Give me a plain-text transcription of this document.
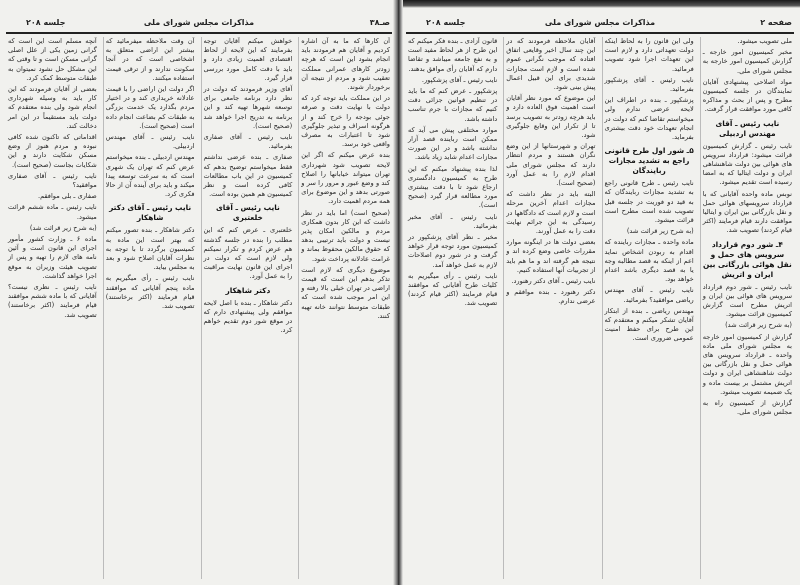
صـ۳۸
مذاکرات مجلس شورای ملی
جلسه ۲۰۸

آن کارها که ما به آن اشاره کردیم و آقایان هم فرمودند باید انجام بشود این است که هرچه زودتر کارهای عمرانی مملکت تعقیب شود و مردم از نتیجه آن برخوردار شوند.

در این مملکت باید توجه کرد که دولت با نهایت دقت و صرفه جوئی بودجه را خرج کند و از هرگونه اسراف و تبذیر جلوگیری شود تا اعتبارات به مصرف واقعی خود برسد.

بنده عرض میکنم که اگر این لایحه تصویب شود شهرداری تهران میتواند خیابانها را اصلاح کند و وضع عبور و مرور را سر و صورتی بدهد و این موضوع برای همه مردم اهمیت دارد.

(صحیح است) اما باید در نظر داشت که این کار بدون همکاری مردم و مالکین امکان پذیر نیست و دولت باید ترتیبی بدهد که حقوق مالکین محفوظ بماند و غرامت عادلانه پرداخت شود.

موضوع دیگری که لازم است تذکر بدهم این است که قیمت اراضی در تهران خیلی بالا رفته و این امر موجب شده است که طبقات متوسط نتوانند خانه تهیه کنند.

خواهش میکنم آقایان توجه بفرمایند که این لایحه از لحاظ اقتصادی اهمیت زیادی دارد و باید با دقت کامل مورد بررسی قرار گیرد.

آقای وزیر فرمودند که دولت در نظر دارد برنامه جامعی برای توسعه شهرها تهیه کند و این برنامه به تدریج اجرا خواهد شد (صحیح است).

نایب رئیس ـ آقای صفاری بفرمائید.

صفاری ـ بنده عرضی نداشتم فقط میخواستم توضیح بدهم که کمیسیون در این باب مطالعات کافی کرده است و نظر کمیسیون هم همین بوده است.

نایب رئیس ـ آقای خلعتبری

خلعتبری ـ عرض کنم که این مطلب را بنده در جلسه گذشته هم عرض کردم و تکرار نمیکنم ولی لازم است که دولت در اجرای این قانون نهایت مراقبت را به عمل آورد.

دکتر شاهکار

دکتر شاهکار ـ بنده با اصل لایحه موافقم ولی پیشنهادی دارم که در موقع شور دوم تقدیم خواهم کرد.

آن وقت ملاحظه میفرمائید که بیشتر این اراضی متعلق به اشخاصی است که در آنجا سکونت ندارند و از ترقی قیمت استفاده میکنند.

اگر دولت این اراضی را با قیمت عادلانه خریداری کند و در اختیار مردم بگذارد یک خدمت بزرگی به طبقات کم بضاعت انجام داده است (صحیح است).

نایب رئیس ـ آقای مهندس اردبیلی.

مهندس اردبیلی ـ بنده میخواستم عرض کنم که تهران یک شهری است که به سرعت توسعه پیدا میکند و باید برای آینده آن از حالا فکری کرد.

نایب رئیس ـ آقای دکتر شاهکار

دکتر شاهکار ـ بنده تصور میکنم که بهتر است این ماده به کمیسیون برگردد تا با توجه به نظرات آقایان اصلاح شود و بعد به مجلس بیاید.

نایب رئیس ـ رأی میگیریم به ماده پنجم آقایانی که موافقند قیام فرمایند (اکثر برخاستند) تصویب شد.

آنچه مسلم است این است که گرانی زمین یکی از علل اصلی گرانی مسکن است و تا وقتی که این مشکل حل نشود نمیتوان به طبقات متوسط کمک کرد.

بعضی از آقایان فرمودند که این کار باید به وسیله شهرداری انجام شود ولی بنده معتقدم که دولت باید مستقیماً در این امر دخالت کند.

اقداماتی که تاکنون شده کافی نبوده و مردم هنوز از وضع مسکن شکایت دارند و این شکایات بجاست (صحیح است).

نایب رئیس ـ آقای صفاری موافقید؟

صفاری ـ بلی موافقم.

نایب رئیس ـ ماده ششم قرائت میشود.

(به شرح زیر قرائت شد)

ماده ۶ ـ وزارت کشور مأمور اجرای این قانون است و آئین نامه های لازم را تهیه و پس از تصویب هیئت وزیران به موقع اجرا خواهد گذاشت.

نایب رئیس ـ نظری نیست؟ آقایانی که با ماده ششم موافقند قیام فرمایند (اکثر برخاستند) تصویب شد.

صفحه ۲
مذاکرات مجلس شورای ملی
جلسه ۲۰۸

ملی تصویب میشود.

مخبر کمیسیون امور خارجه ـ گزارش کمیسیون امور خارجه به مجلس شورای ملی.

مواد اصلاحی پیشنهادی آقایان نمایندگان در جلسه کمیسیون مطرح و پس از بحث و مذاکره کافی مورد موافقت قرار گرفت.

نایب رئیس ـ آقای مهندس اردبیلی

نایب رئیس ـ گزارش کمیسیون قرائت میشود: قرارداد سرویس های هوائی بین دولت شاهنشاهی ایران و دولت ایتالیا که به امضا رسیده است تقدیم میشود.

نوبس ماده واحده آقایانی که با قرارداد سرویسهای هوائی حمل و نقل بازرگانی بین ایران و ایتالیا موافقت دارند قیام فرمایند (اکثر قیام کردند) تصویب شد.

۴ـ شور دوم قرارداد سرویس های حمل و نقل هوائی بازرگانی بین ایران و اتریش

نایب رئیس ـ شور دوم قرارداد سرویس های هوائی بین ایران و اتریش مطرح است گزارش کمیسیون قرائت میشود.

(به شرح زیر قرائت شد)

گزارش از کمیسیون امور خارجه به مجلس شورای ملی ماده واحده ـ قرارداد سرویس های هوائی حمل و نقل بازرگانی بین دولت شاهنشاهی ایران و دولت اتریش مشتمل بر بیست ماده و یک ضمیمه تصویب میشود.

گزارش از کمیسیون راه به مجلس شورای ملی.

ولی این قانون را به لحاظ اینکه دولت تعهداتی دارد و لازم است این تعهدات اجرا شود تصویب فرمائید.

نایب رئیس ـ آقای پزشکپور بفرمائید.

پزشکپور ـ بنده در اطراف این لایحه عرضی ندارم ولی میخواستم تقاضا کنم که دولت در انجام تعهدات خود دقت بیشتری بفرماید.

۵ـ شور اول طرح قانونی راجع به تشدید مجازات ربایندگان

نایب رئیس ـ طرح قانونی راجع به تشدید مجازات ربایندگان که به قید دو فوریت در جلسه قبل تصویب شده است مطرح است قرائت میشود.

(به شرح زیر قرائت شد)

ماده واحده ـ مجازات رباینده که اقدام به ربودن اشخاص نماید اعم از اینکه به قصد مطالبه وجه یا به قصد دیگری باشد اعدام خواهد بود.

نایب رئیس ـ آقای مهندس ریاضی موافقید؟ بفرمائید.

مهندس ریاضی ـ بنده از ابتکار آقایان تشکر میکنم و معتقدم که این طرح برای حفظ امنیت عمومی ضروری است.

آقایان ملاحظه فرمودند که در این چند سال اخیر وقایعی اتفاق افتاده که موجب نگرانی عموم شده است و لازم است مجازات شدیدی برای این قبیل اعمال پیش بینی شود.

این موضوع که مورد نظر آقایان است اهمیت فوق العاده دارد و باید هرچه زودتر به تصویب برسد تا از تکرار این وقایع جلوگیری شود.

تهران و شهرستانها از این وضع نگران هستند و مردم انتظار دارند که مجلس شورای ملی اقدام لازم را به عمل آورد (صحیح است).

البته باید در نظر داشت که مجازات اعدام آخرین مرحله است و لازم است که دادگاهها در رسیدگی به این جرائم نهایت دقت را به عمل آورند.

بعضی دولت ها در اینگونه موارد مقررات خاصی وضع کرده اند و نتیجه هم گرفته اند و ما هم باید از تجربیات آنها استفاده کنیم.

نایب رئیس ـ آقای دکتر رهنورد.

دکتر رهنورد ـ بنده موافقم و عرضی ندارم.

قانون آزادی ـ بنده فکر میکنم که این طرح از هر لحاظ مفید است و به نفع جامعه میباشد و تقاضا دارم که آقایان رأی موافق بدهند.

نایب رئیس ـ آقای پزشکپور.

پزشکپور ـ عرض کنم که ما باید در تنظیم قوانین جزائی دقت کنیم که مجازات با جرم تناسب داشته باشد.

موارد مختلفی پیش می آید که ممکن است رباینده قصد آزار نداشته باشد و در این صورت مجازات اعدام شاید زیاد باشد.

لذا بنده پیشنهاد میکنم که این طرح به کمیسیون دادگستری ارجاع شود تا با دقت بیشتری مورد مطالعه قرار گیرد (صحیح است).

نایب رئیس ـ آقای مخبر بفرمائید.

مخبر ـ نظر آقای پزشکپور در کمیسیون مورد توجه قرار خواهد گرفت و در شور دوم اصلاحات لازم به عمل خواهد آمد.

نایب رئیس ـ رأی میگیریم به کلیات طرح آقایانی که موافقند قیام فرمایند (اکثر قیام کردند) تصویب شد.
